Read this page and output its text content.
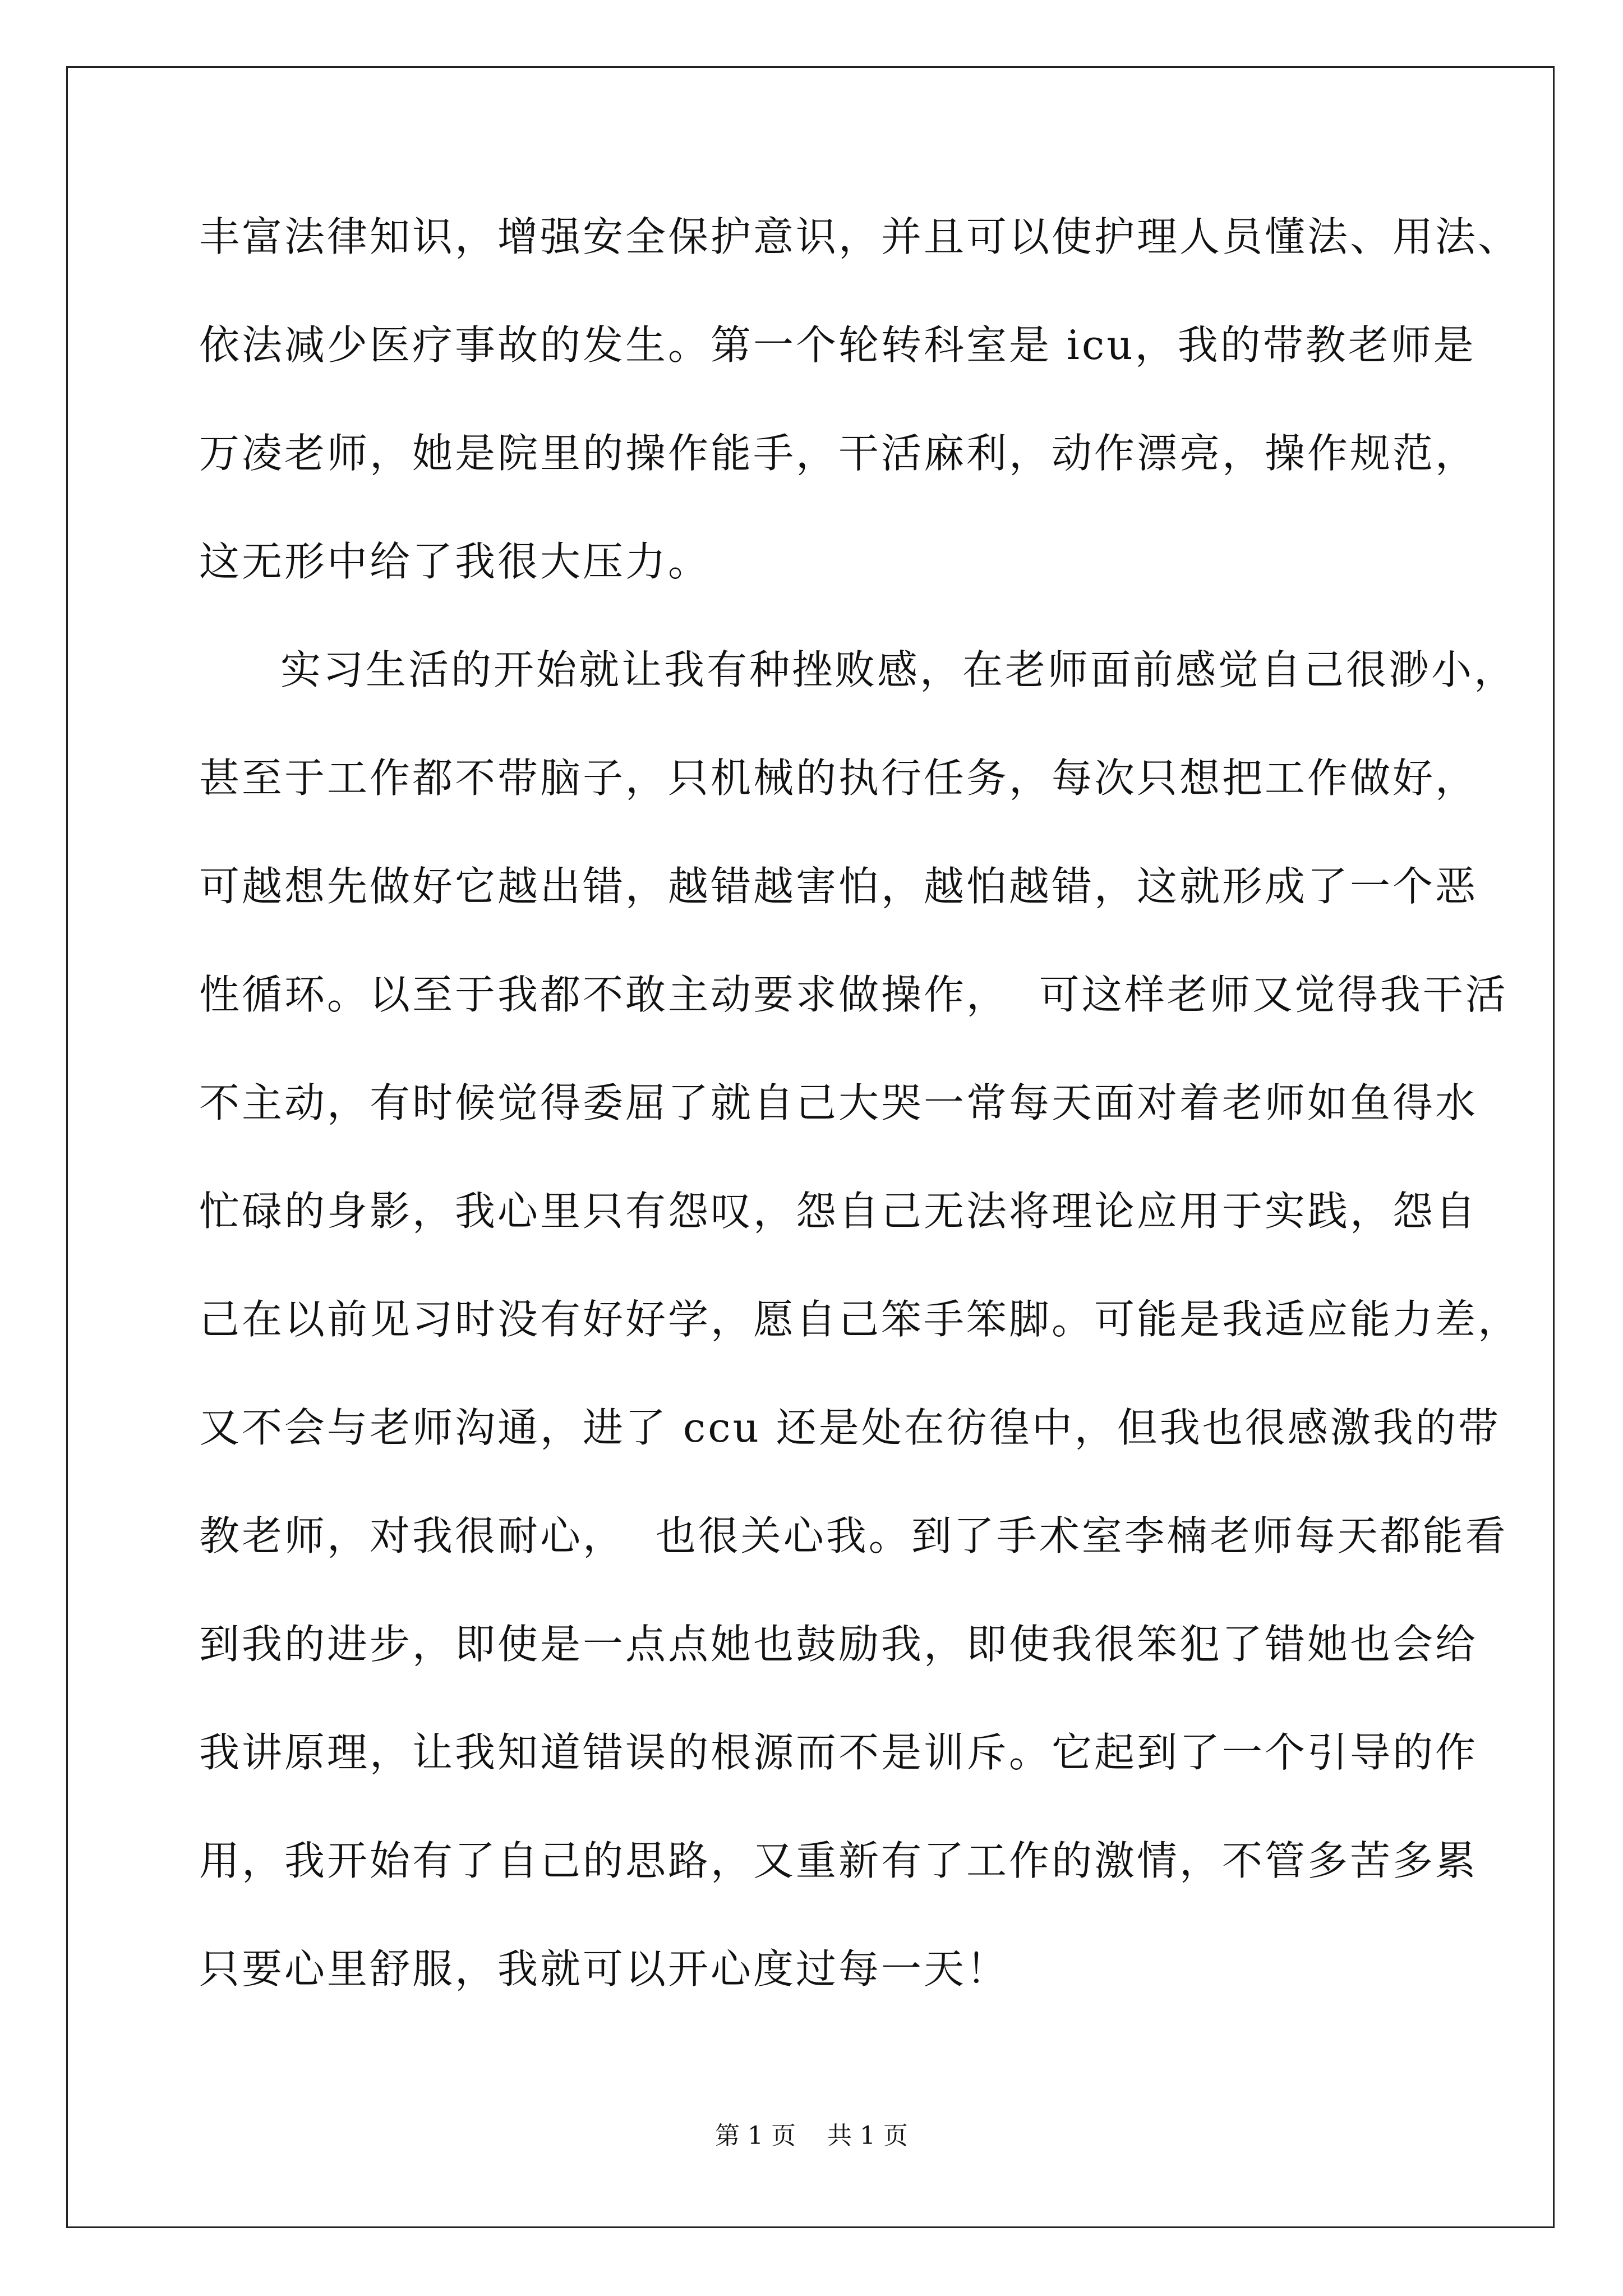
丰富法律知识，增强安全保护意识，并且可以使护理人员懂法、用法、
依法减少医疗事故的发生。第一个轮转科室是 icu，我的带教老师是
万凌老师，她是院里的操作能手，干活麻利，动作漂亮，操作规范，
这无形中给了我很大压力。
实习生活的开始就让我有种挫败感，在老师面前感觉自己很渺小，
甚至于工作都不带脑子，只机械的执行任务，每次只想把工作做好，
可越想先做好它越出错，越错越害怕，越怕越错，这就形成了一个恶
性循环。以至于我都不敢主动要求做操作，  可这样老师又觉得我干活
不主动，有时候觉得委屈了就自己大哭一常每天面对着老师如鱼得水
忙碌的身影，我心里只有怨叹，怨自己无法将理论应用于实践，怨自
己在以前见习时没有好好学，愿自己笨手笨脚。可能是我适应能力差，
又不会与老师沟通，进了 ccu 还是处在彷徨中，但我也很感激我的带
教老师，对我很耐心，  也很关心我。到了手术室李楠老师每天都能看
到我的进步，即使是一点点她也鼓励我，即使我很笨犯了错她也会给
我讲原理，让我知道错误的根源而不是训斥。它起到了一个引导的作
用，我开始有了自己的思路，又重新有了工作的激情，不管多苦多累
只要心里舒服，我就可以开心度过每一天！
第 1 页    共 1 页
